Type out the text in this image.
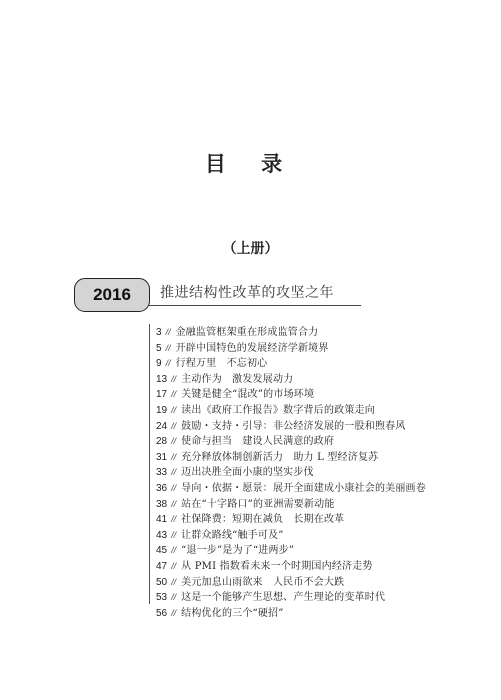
目 录
（上册）
2016 推进结构性改革的攻坚之年
3 // 金融监管框架重在形成监管合力
5 // 开辟中国特色的发展经济学新境界
9 // 行程万里　不忘初心
13 // 主动作为　激发发展动力
17 // 关键是健全“混改”的市场环境
19 // 读出《政府工作报告》数字背后的政策走向
24 // 鼓励・支持・引导：非公经济发展的一股和煦春风
28 // 使命与担当　建设人民满意的政府
31 // 充分释放体制创新活力　助力 L 型经济复苏
33 // 迈出决胜全面小康的坚实步伐
36 // 导向・依据・愿景：展开全面建成小康社会的美丽画卷
38 // 站在“十字路口”的亚洲需要新动能
41 // 社保降费：短期在减负　长期在改革
43 // 让群众路线“触手可及”
45 // “退一步”是为了“进两步”
47 // 从 PMI 指数看未来一个时期国内经济走势
50 // 美元加息山雨欲来　人民币不会大跌
53 // 这是一个能够产生思想、产生理论的变革时代
56 // 结构优化的三个“硬招”
